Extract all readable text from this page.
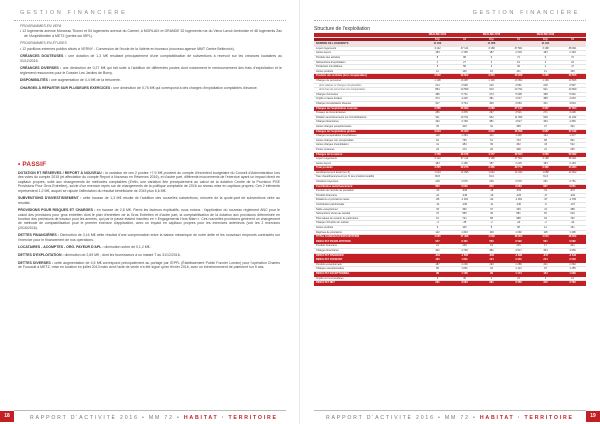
GESTION FINANCIÈRE
PROGRAMMES EN VEFA

• 12 logements avenue Monceau Thorez et 54 logements avenue du Carmel, à MORLAIX et GRANDE 32 logements rue du Vieux Lavoir Ambroisie et 48 logements Zac de l'Amphithéâtre à METZ (pertes sur IBPL).

PROGRAMMES EN ÉTUDES

• 12 pavillons externes publics situés à VERNY - Conversion de l'école de la Valérie en bureaux (nouveau agence MMT Centre Bellecroix).

CRÉANCES DOUTEUSES : une dotation de 1,3 M€ résultant principalement d'une comptabilisation de subventions à recevoir sur les créances locataires au 31/12/2016.

CRÉANCES DIVERSES : une diminution de 0,27 M€ qui fait suite à l'addition de différentes postes dont notamment le remboursement des frais d'exploitation et le règlement ressources pour le Dossier Les Jardins de Borny.

DISPONIBILITÉS : une augmentation de 4,4 M€ de la trésorerie.

CHARGES À RÉPARTIR SUR PLUSIEURS EXERCICES : une diminution de 0,76 M€ qui correspond à des charges d'exploitation comptables d'avance.

• PASSIF

DOTATION ET RÉSERVES / REPORT À NOUVEAU : la variation de ces 2 postes +7,9 M€ provient du compte d'excédent budgétaire du Conseil d'Administration lors des votes du compte 2015 (et affectation du compte Report à Nouveau en Réserves 2016), et d'autre part, différents mouvements de l'exercice ayant un impact direct en capitaux propres, suite aux changements de méthodes comptables (Enfin, une variation liée principalement au calcul de la dotation Centre de la Provision PGE Provisions Pour Gros Entretien), suivie d'un exercice repris sur de changements de la politique comptable de 2016 au niveau mise en capitaux propres. Ces 2 éléments représentent 1,2 M€, auquel se rajoute l'affectation du résultat bénéficiaire de 2015 plus 6,6 M€.

SUBVENTIONS D'INVESTISSEMENT : cette hausse de 1,3 M€ résulte de l'addition des nouvelles subventions, minorée de la quote-part de subventions virée au résultat.

PROVISIONS POUR RISQUES ET CHARGES : en hausse de 2,8 M€. Parmi les facteurs explicatifs, nous notons : l'application du nouveau règlement ANC pour le calcul des provisions pour gros entretien dont le plan d'entretien de la Gros Entretien et d'autre part, la comptabilisation de la dotation aux provisions déterminée en fonction des prévisions de travaux pour les années, qui par le passé étaient inscrites en « Engagements Hors Bilan ». Ces nouvelles provisions génèrent un changement de méthode de comptabilisation pour le premier exercice d'application, avec un impact en capitaux propres pour les exercices antérieurs (voir les 2 exercices (2016/2016).

DETTES FINANCIÈRES : Diminution de 3,16 M€ cette résultat d'une compensation entre la baisse mécanique de notre dette et les nouveaux emprunts contractés sur l'exercice pour le financement de nos opérations.

LOCATAIRES - ACOMPTES - ORG. PAYEUR D'APL : diminution sobre de 0,1,2 M€.

DETTES D'EXPLOITATION : diminution de 2,69 M€ ; dont les fournisseurs à un instant T au 31/12/2016.

DETTES DIVERSES : cette augmentation de 4,5 M€ correspond principalement au portage par l'EPFL (Établissement Public Foncier Lorrain) pour l'opération Charles de Foucault à METZ, mise en location en juillet 2013 mais dont l'acte de vente n'a été signé qu'en février 2016, avec un échelonnement de paiement sur 5 ans.

18	RAPPORT D'ACTIVITÉ 2016 • MM 72 • HABITAT · TERRITOIRE
GESTION FINANCIÈRE
Structure de l'exploitation
	RÉALISÉ 2014		RÉALISÉ 2015		RÉALISÉ 2016	
	€/lgt	K€	€/lgt	K€	€/lgt	K€
NOMBRE DE LOGEMENTS	11 812		11 856		11 911	
Loyers logements	3 142	37 114	3 168	37 561	3 198	38 091
Autres loyers	183	2 159	187	2 218	184	2 193
Produits des activités	8	98	6	71	6	72
Subventions d'exploitation	2	27	2	19	2	22
Production immobilisée	5	58	3	36	4	47
Autres produits	12	146	10	121	11	130
Produits des activités (hors récupérables)	3 352	39 602	3 376	40 026	3 405	40 555
Charges de personnel	1 108	13 087	1 126	13 352	1 139	13 566
dont salaires et charges récupérables	214	2 528	216	2 561	218	2 597
dont frais de personnel non récupérables	894	10 559	910	10 791	921	10 969
Charges d'entretien	486	5 741	473	5 608	498	5 932
Impôts et taxes locales	374	4 418	381	4 517	389	4 633
Charges d'exploitation diverses	317	3 744	309	3 663	321	3 823
Charges de l'exploitation courante	2 285	26 990	2 289	27 140	2 347	27 954
Travaux de Gros Entretien	286	3 378	297	3 521	271	3 228
Dotation amortissements sur immobilisations	911	10 761	932	11 050	948	11 292
Charges financières	402	4 748	381	4 517	364	4 336
Autres charges exceptionnelles	29	343	31	368	27	322
Charges de l'exploitation globale	3 913	46 220	3 930	46 596	3 957	47 132
Charges récupérables immobilisées	118	1 394	121	1 435	124	1 477
Autres charges non récupérables	64	756	61	723	58	691
Autres charges d'exploitation	41	484	39	462	43	512
Pertes créances	23	272	26	308	21	250
Charges de la maison	4 159	49 126	4 177	49 524	4 203	50 062
Loyers Logements	3 142	37 114	3 168	37 561	3 198	38 091
Autres loyers	183	2 159	187	2 218	184	2 193
Total produits	3 325	39 273	3 355	39 779	3 382	40 284
Autofinancement locatif (en €)	1 024	12 095	1 041	12 342	1 058	12 602
Taux d'autofinancement (en % des produits locatifs)	30,8		31,0		31,3	
Vétustés moyennes	218	2 575	226	2 679	231	2 751
Contribution autofinancement	806	9 520	815	9 663	827	9 851
Produits de l'activité de prestation	-43	-508	-48	-569	-51	-607
Produits financiers	-21	-248	-19	-225	-17	-202
Dotations et provisions nettes	-86	-1 016	-92	-1 091	-97	-1 155
Contribution patrimoniale	-14	-165	-11	-130	-9	-107
Solde exceptionnel	33	390	37	439	41	488
Subventions virées au résultat	47	555	49	581	52	619
Plus-values de cession de patrimoine	61	721	58	688	64	762
Charges d'impôts sur société	-3	-35	-2	-24	-2	-24
Autres produits	9	106	8	95	11	131
Reprises de provisions	112	1 323	109	1 292	118	1 405
TOTAL CHARGES D'EXPLOITATION	4 021	47 496	4 049	48 005	4 072	48 502
RÉSULTAT D'EXPLOITATION	547	6 461	556	6 592	561	6 682
Produits financiers	21	248	19	225	17	202
Charges financières	402	4 748	381	4 517	364	4 336
RÉSULTAT FINANCIER	-381	-4 500	-362	-4 292	-347	-4 134
RÉSULTAT COURANT	166	1 961	194	2 300	214	2 548
Produits exceptionnels	187	2 209	193	2 288	201	2 394
Charges exceptionnelles	89	1 051	94	1 114	97	1 155
RÉSULTAT EXCEPTIONNEL	98	1 158	99	1 174	104	1 239
Impôts sur les bénéfices	3	35	2	24	2	24
RÉSULTAT NET	261	3 084	291	3 450	316	3 763
RAPPORT D'ACTIVITÉ 2016 • MM 72 • HABITAT · TERRITOIRE	19
